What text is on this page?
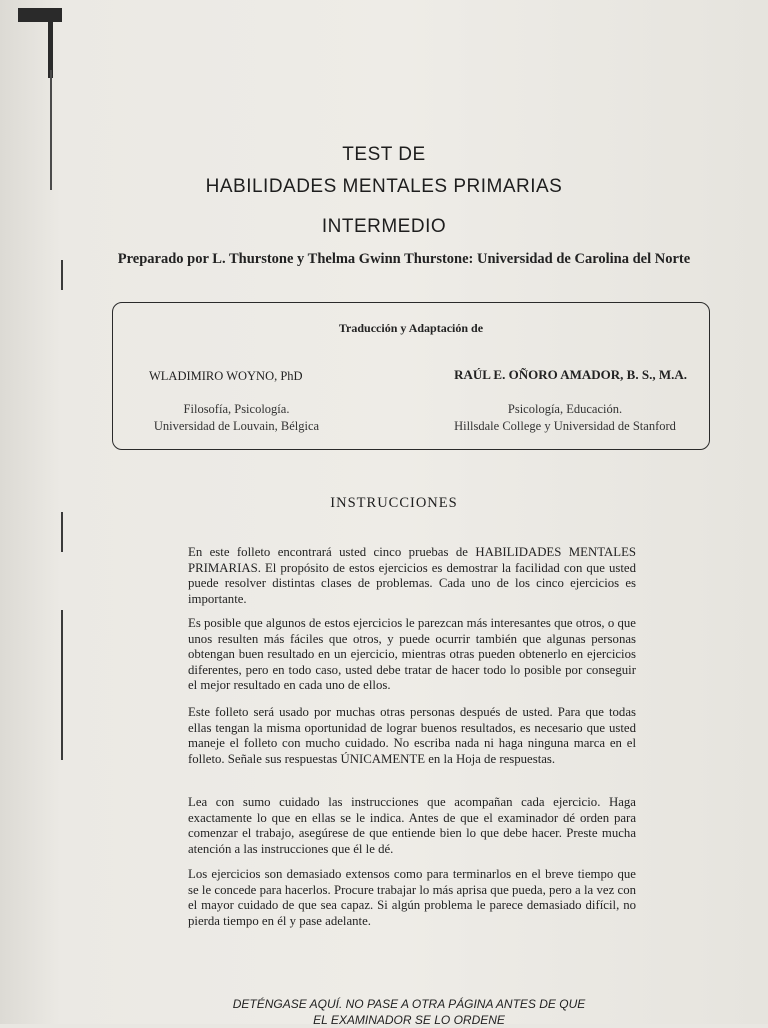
TEST DE
HABILIDADES MENTALES PRIMARIAS
INTERMEDIO
Preparado por L. Thurstone y Thelma Gwinn Thurstone: Universidad de Carolina del Norte
Traducción y Adaptación de
WLADIMIRO WOYNO, PhD	RAÚL E. OÑORO AMADOR, B. S., M.A.
Filosofía, Psicología.
Universidad de Louvain, Bélgica
Psicología, Educación.
Hillsdale College y Universidad de Stanford
INSTRUCCIONES
En este folleto encontrará usted cinco pruebas de HABILIDADES MENTALES PRIMARIAS. El propósito de estos ejercicios es demostrar la facilidad con que usted puede resolver distintas clases de problemas. Cada uno de los cinco ejercicios es importante.
Es posible que algunos de estos ejercicios le parezcan más interesantes que otros, o que unos resulten más fáciles que otros, y puede ocurrir también que algunas personas obtengan buen resultado en un ejercicio, mientras otras pueden obtenerlo en ejercicios diferentes, pero en todo caso, usted debe tratar de hacer todo lo posible por conseguir el mejor resultado en cada uno de ellos.
Este folleto será usado por muchas otras personas después de usted. Para que todas ellas tengan la misma oportunidad de lograr buenos resultados, es necesario que usted maneje el folleto con mucho cuidado. No escriba nada ni haga ninguna marca en el folleto. Señale sus respuestas ÚNICAMENTE en la Hoja de respuestas.
Lea con sumo cuidado las instrucciones que acompañan cada ejercicio. Haga exactamente lo que en ellas se le indica. Antes de que el examinador dé orden para comenzar el trabajo, asegúrese de que entiende bien lo que debe hacer. Preste mucha atención a las instrucciones que él le dé.
Los ejercicios son demasiado extensos como para terminarlos en el breve tiempo que se le concede para hacerlos. Procure trabajar lo más aprisa que pueda, pero a la vez con el mayor cuidado de que sea capaz. Si algún problema le parece demasiado difícil, no pierda tiempo en él y pase adelante.
DETÉNGASE AQUÍ. NO PASE A OTRA PÁGINA ANTES DE QUE
EL EXAMINADOR SE LO ORDENE
